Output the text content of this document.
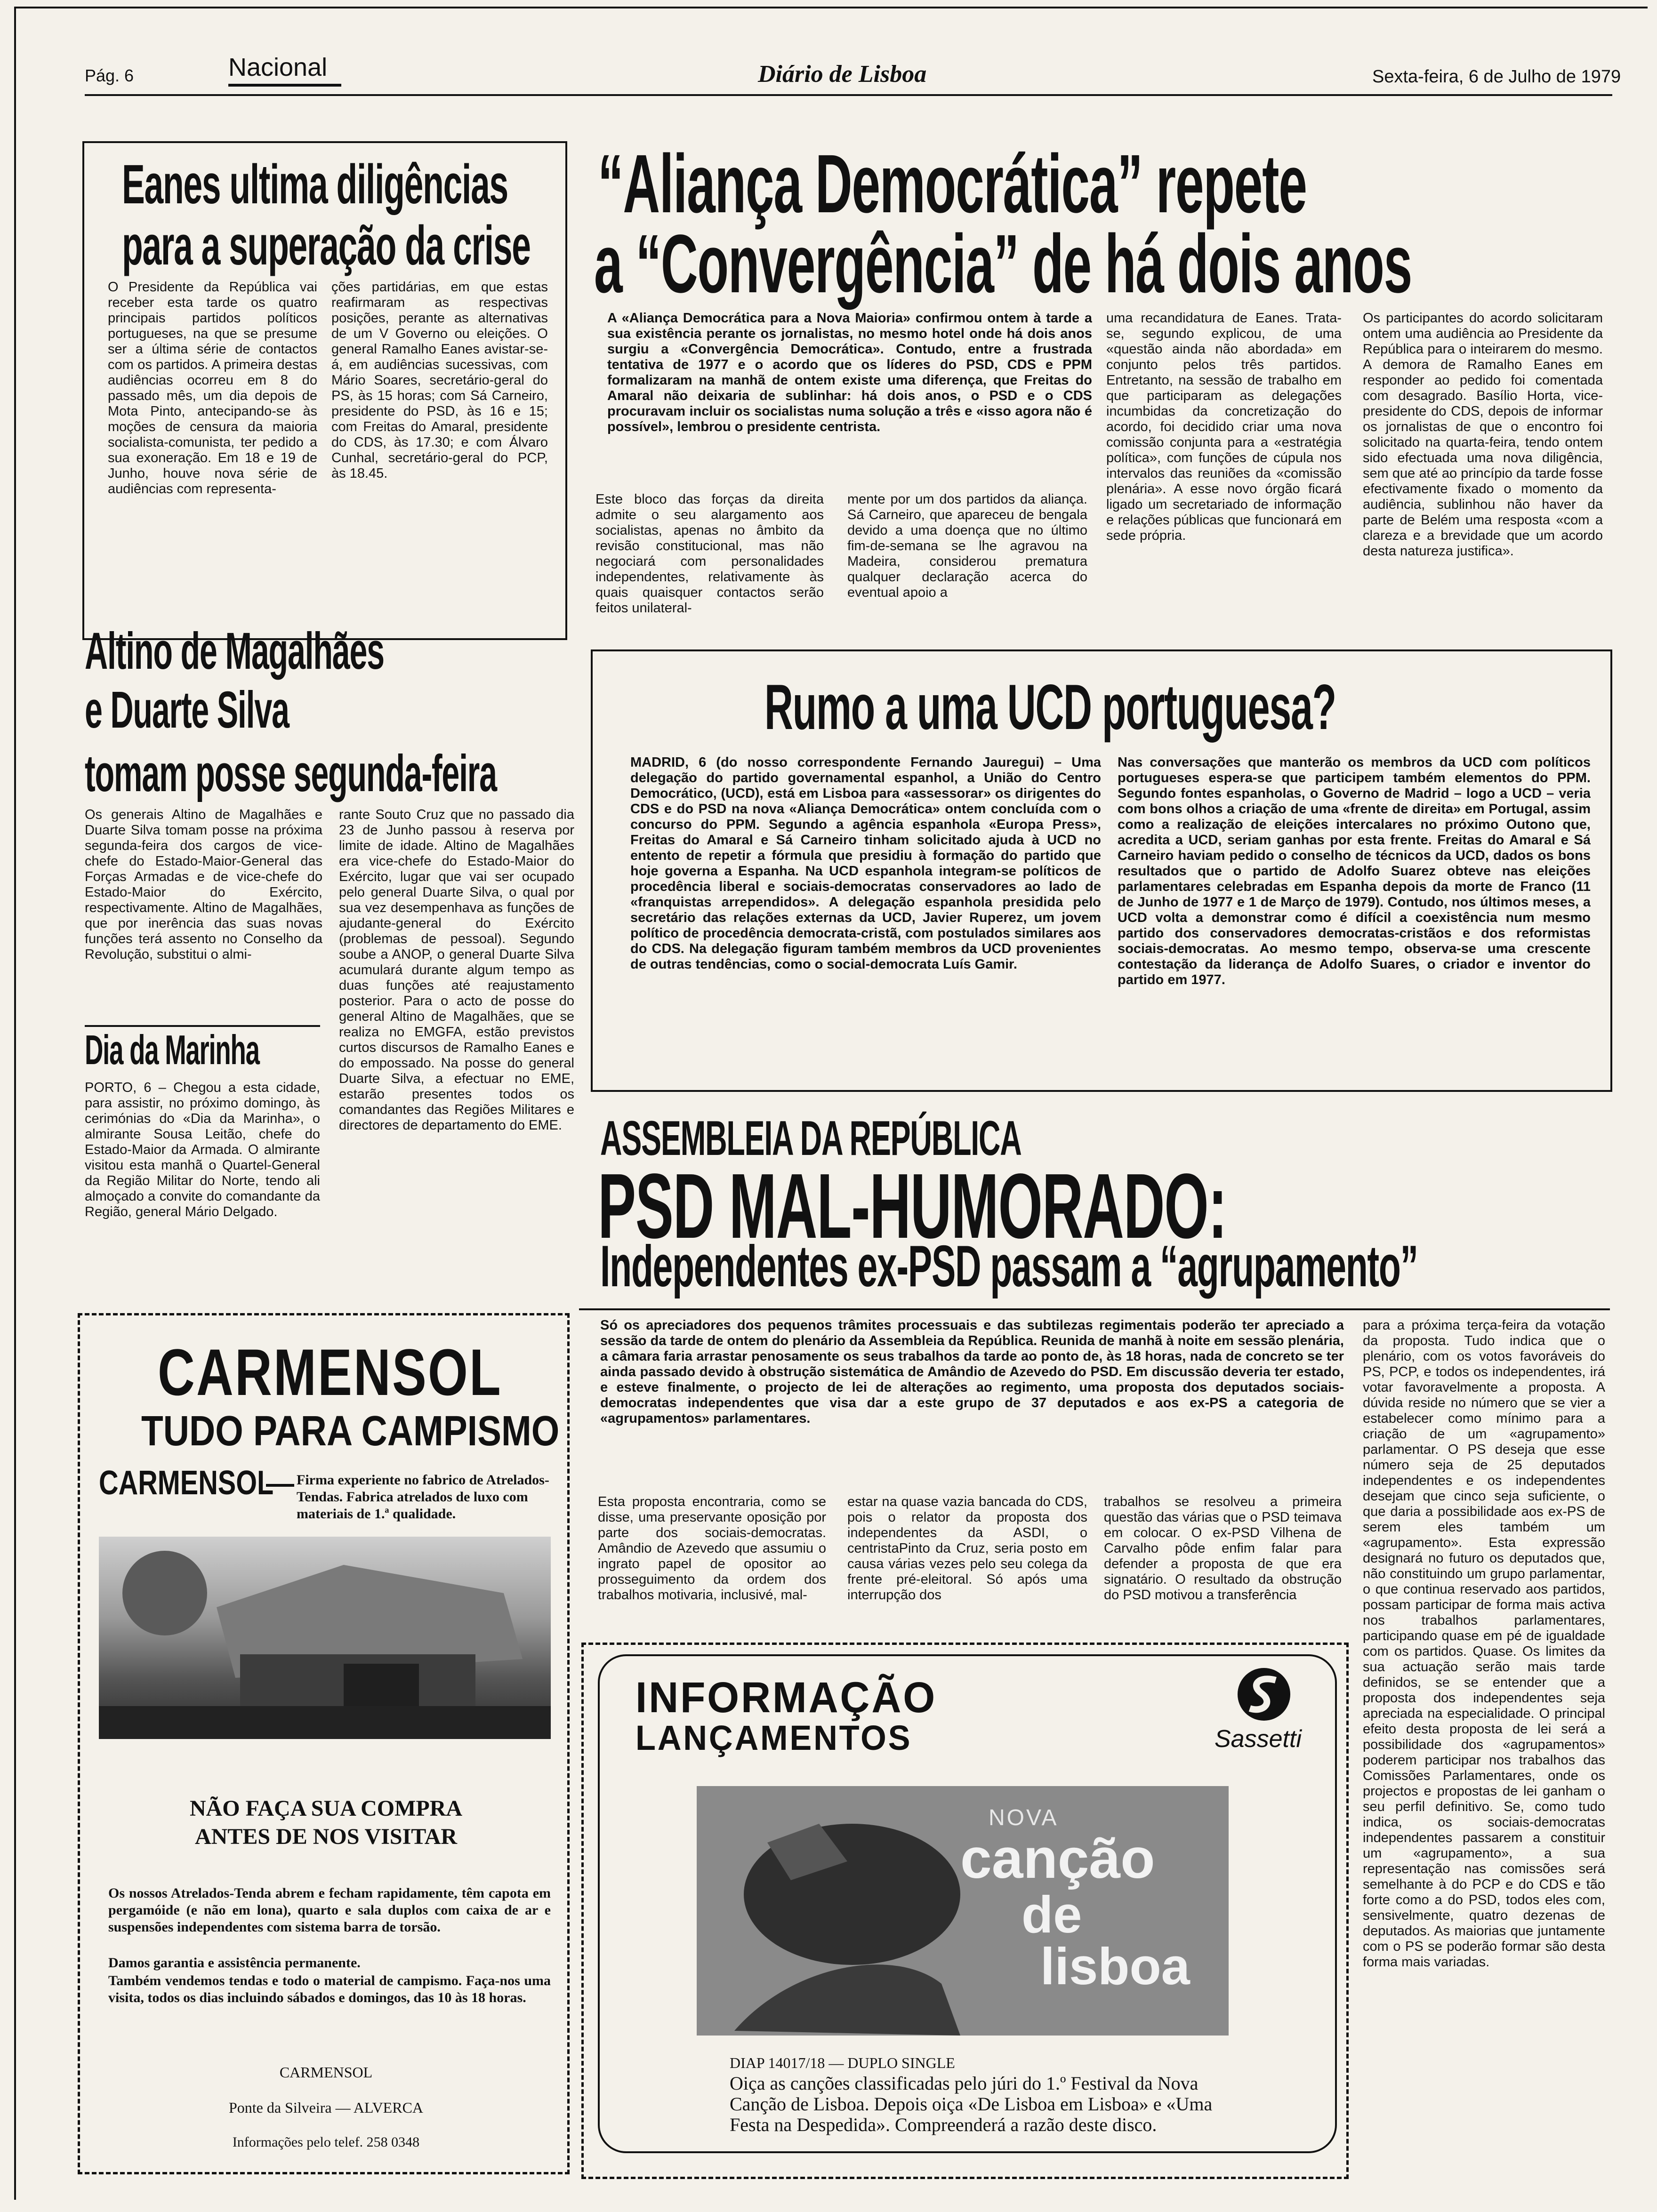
Pág. 6	Nacional	Diário de Lisboa	Sexta-feira, 6 de Julho de 1979
Eanes ultima diligências
para a superação da crise
O Presidente da República vai receber esta tarde os quatro principais partidos políticos portugueses, na que se presume ser a última série de contactos com os partidos. A primeira destas audiências ocorreu em 8 do passado mês, um dia depois de Mota Pinto, antecipando-se às moções de censura da maioria socialista-comunista, ter pedido a sua exoneração. Em 18 e 19 de Junho, houve nova série de audiências com representa-
ções partidárias, em que estas reafirmaram as respectivas posições, perante as alternativas de um V Governo ou eleições. O general Ramalho Eanes avistar-se-á, em audiências sucessivas, com Mário Soares, secretário-geral do PS, às 15 horas; com Sá Carneiro, presidente do PSD, às 16 e 15; com Freitas do Amaral, presidente do CDS, às 17.30; e com Álvaro Cunhal, secretário-geral do PCP, às 18.45.
“Aliança Democrática” repete
a “Convergência” de há dois anos
A «Aliança Democrática para a Nova Maioria» confirmou ontem à tarde a sua existência perante os jornalistas, no mesmo hotel onde há dois anos surgiu a «Convergência Democrática». Contudo, entre a frustrada tentativa de 1977 e o acordo que os líderes do PSD, CDS e PPM formalizaram na manhã de ontem existe uma diferença, que Freitas do Amaral não deixaria de sublinhar: há dois anos, o PSD e o CDS procuravam incluir os socialistas numa solução a três e «isso agora não é possível», lembrou o presidente centrista.
Este bloco das forças da direita admite o seu alargamento aos socialistas, apenas no âmbito da revisão constitucional, mas não negociará com personalidades independentes, relativamente às quais quaisquer contactos serão feitos unilateral-
mente por um dos partidos da aliança. Sá Carneiro, que apareceu de bengala devido a uma doença que no último fim-de-semana se lhe agravou na Madeira, considerou prematura qualquer declaração acerca do eventual apoio a
uma recandidatura de Eanes. Trata-se, segundo explicou, de uma «questão ainda não abordada» em conjunto pelos três partidos. Entretanto, na sessão de trabalho em que participaram as delegações incumbidas da concretização do acordo, foi decidido criar uma nova comissão conjunta para a «estratégia política», com funções de cúpula nos intervalos das reuniões da «comissão plenária». A esse novo órgão ficará ligado um secretariado de informação e relações públicas que funcionará em sede própria.
Os participantes do acordo solicitaram ontem uma audiência ao Presidente da República para o inteirarem do mesmo. A demora de Ramalho Eanes em responder ao pedido foi comentada com desagrado. Basílio Horta, vice-presidente do CDS, depois de informar os jornalistas de que o encontro foi solicitado na quarta-feira, tendo ontem sido efectuada uma nova diligência, sem que até ao princípio da tarde fosse efectivamente fixado o momento da audiência, sublinhou não haver da parte de Belém uma resposta «com a clareza e a brevidade que um acordo desta natureza justifica».
Altino de Magalhães
e Duarte Silva
tomam posse segunda-feira
Os generais Altino de Magalhães e Duarte Silva tomam posse na próxima segunda-feira dos cargos de vice-chefe do Estado-Maior-General das Forças Armadas e de vice-chefe do Estado-Maior do Exército, respectivamente. Altino de Magalhães, que por inerência das suas novas funções terá assento no Conselho da Revolução, substitui o almi-
rante Souto Cruz que no passado dia 23 de Junho passou à reserva por limite de idade. Altino de Magalhães era vice-chefe do Estado-Maior do Exército, lugar que vai ser ocupado pelo general Duarte Silva, o qual por sua vez desempenhava as funções de ajudante-general do Exército (problemas de pessoal). Segundo soube a ANOP, o general Duarte Silva acumulará durante algum tempo as duas funções até reajustamento posterior. Para o acto de posse do general Altino de Magalhães, que se realiza no EMGFA, estão previstos curtos discursos de Ramalho Eanes e do empossado. Na posse do general Duarte Silva, a efectuar no EME, estarão presentes todos os comandantes das Regiões Militares e directores de departamento do EME.
Dia da Marinha
PORTO, 6 – Chegou a esta cidade, para assistir, no próximo domingo, às cerimónias do «Dia da Marinha», o almirante Sousa Leitão, chefe do Estado-Maior da Armada. O almirante visitou esta manhã o Quartel-General da Região Militar do Norte, tendo ali almoçado a convite do comandante da Região, general Mário Delgado.
Rumo a uma UCD portuguesa?
MADRID, 6 (do nosso correspondente Fernando Jauregui) – Uma delegação do partido governamental espanhol, a União do Centro Democrático, (UCD), está em Lisboa para «assessorar» os dirigentes do CDS e do PSD na nova «Aliança Democrática» ontem concluída com o concurso do PPM. Segundo a agência espanhola «Europa Press», Freitas do Amaral e Sá Carneiro tinham solicitado ajuda à UCD no entento de repetir a fórmula que presidiu à formação do partido que hoje governa a Espanha. Na UCD espanhola integram-se políticos de procedência liberal e sociais-democratas conservadores ao lado de «franquistas arrependidos». A delegação espanhola presidida pelo secretário das relações externas da UCD, Javier Ruperez, um jovem político de procedência democrata-cristã, com postulados similares aos do CDS. Na delegação figuram também membros da UCD provenientes de outras tendências, como o social-democrata Luís Gamir.
Nas conversações que manterão os membros da UCD com políticos portugueses espera-se que participem também elementos do PPM. Segundo fontes espanholas, o Governo de Madrid – logo a UCD – veria com bons olhos a criação de uma «frente de direita» em Portugal, assim como a realização de eleições intercalares no próximo Outono que, acredita a UCD, seriam ganhas por esta frente. Freitas do Amaral e Sá Carneiro haviam pedido o conselho de técnicos da UCD, dados os bons resultados que o partido de Adolfo Suarez obteve nas eleições parlamentares celebradas em Espanha depois da morte de Franco (11 de Junho de 1977 e 1 de Março de 1979). Contudo, nos últimos meses, a UCD volta a demonstrar como é difícil a coexistência num mesmo partido dos conservadores democratas-cristãos e dos reformistas sociais-democratas. Ao mesmo tempo, observa-se uma crescente contestação da liderança de Adolfo Suares, o criador e inventor do partido em 1977.
ASSEMBLEIA DA REPÚBLICA
PSD MAL-HUMORADO:
Independentes ex-PSD passam a “agrupamento”
Só os apreciadores dos pequenos trâmites processuais e das subtilezas regimentais poderão ter apreciado a sessão da tarde de ontem do plenário da Assembleia da República. Reunida de manhã à noite em sessão plenária, a câmara faria arrastar penosamente os seus trabalhos da tarde ao ponto de, às 18 horas, nada de concreto se ter ainda passado devido à obstrução sistemática de Amândio de Azevedo do PSD. Em discussão deveria ter estado, e esteve finalmente, o projecto de lei de alterações ao regimento, uma proposta dos deputados sociais-democratas independentes que visa dar a este grupo de 37 deputados e aos ex-PS a categoria de «agrupamentos» parlamentares.
Esta proposta encontraria, como se disse, uma preservante oposição por parte dos sociais-democratas. Amândio de Azevedo que assumiu o ingrato papel de opositor ao prosseguimento da ordem dos trabalhos motivaria, inclusivé, mal-
estar na quase vazia bancada do CDS, pois o relator da proposta dos independentes da ASDI, o centristaPinto da Cruz, seria posto em causa várias vezes pelo seu colega da frente pré-eleitoral. Só após uma interrupção dos
trabalhos se resolveu a primeira questão das várias que o PSD teimava em colocar. O ex-PSD Vilhena de Carvalho pôde enfim falar para defender a proposta de que era signatário. O resultado da obstrução do PSD motivou a transferência
para a próxima terça-feira da votação da proposta. Tudo indica que o plenário, com os votos favoráveis do PS, PCP, e todos os independentes, irá votar favoravelmente a proposta. A dúvida reside no número que se vier a estabelecer como mínimo para a criação de um «agrupamento» parlamentar. O PS deseja que esse número seja de 25 deputados independentes e os independentes desejam que cinco seja suficiente, o que daria a possibilidade aos ex-PS de serem eles também um «agrupamento». Esta expressão designará no futuro os deputados que, não constituindo um grupo parlamentar, o que continua reservado aos partidos, possam participar de forma mais activa nos trabalhos parlamentares, participando quase em pé de igualdade com os partidos. Quase. Os limites da sua actuação serão mais tarde definidos, se se entender que a proposta dos independentes seja apreciada na especialidade. O principal efeito desta proposta de lei será a possibilidade dos «agrupamentos» poderem participar nos trabalhos das Comissões Parlamentares, onde os projectos e propostas de lei ganham o seu perfil definitivo. Se, como tudo indica, os sociais-democratas independentes passarem a constituir um «agrupamento», a sua representação nas comissões será semelhante à do PCP e do CDS e tão forte como a do PSD, todos eles com, sensivelmente, quatro dezenas de deputados. As maiorias que juntamente com o PS se poderão formar são desta forma mais variadas.
CARMENSOL
TUDO PARA CAMPISMO
CARMENSOL
— Firma experiente no fabrico de Atrelados-Tendas. Fabrica atrelados de luxo com materiais de 1.ª qualidade.
NÃO FAÇA SUA COMPRA
ANTES DE NOS VISITAR
Os nossos Atrelados-Tenda abrem e fecham rapidamente, têm capota em pergamóide (e não em lona), quarto e sala duplos com caixa de ar e suspensões independentes com sistema barra de torsão.
Damos garantia e assistência permanente.
Também vendemos tendas e todo o material de campismo. Faça-nos uma visita, todos os dias incluindo sábados e domingos, das 10 às 18 horas.
CARMENSOL
Ponte da Silveira — ALVERCA
Informações pelo telef. 258 0348
INFORMAÇÃO
LANÇAMENTOS	Sassetti
NOVA
canção
de
lisboa
DIAP 14017/18 — DUPLO SINGLE
Oiça as canções classificadas pelo júri do 1.º Festival da Nova Canção de Lisboa. Depois oiça «De Lisboa em Lisboa» e «Uma Festa na Despedida». Compreenderá a razão deste disco.
